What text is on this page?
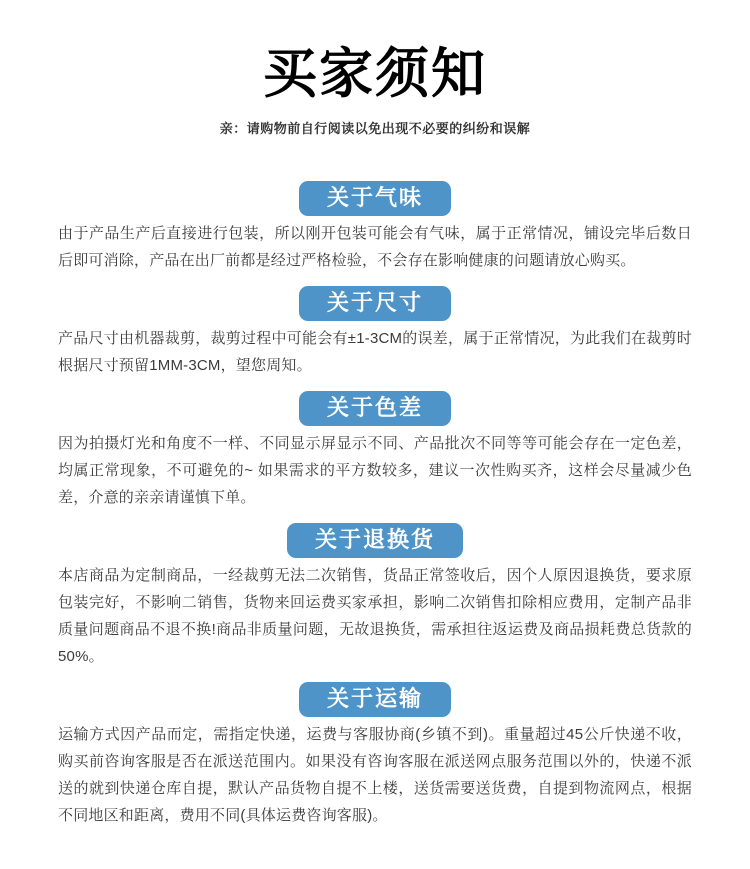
买家须知
亲：请购物前自行阅读以免出现不必要的纠纷和误解
关于气味

由于产品生产后直接进行包装，所以刚开包装可能会有气味，属于正常情况，铺设完毕后数日后即可消除，产品在出厂前都是经过严格检验，不会存在影响健康的问题请放心购买。

关于尺寸

产品尺寸由机器裁剪，裁剪过程中可能会有±1-3CM的误差，属于正常情况，为此我们在裁剪时根据尺寸预留1MM-3CM，望您周知。

关于色差

因为拍摄灯光和角度不一样、不同显示屏显示不同、产品批次不同等等可能会存在一定色差，均属正常现象，不可避免的~ 如果需求的平方数较多，建议一次性购买齐，这样会尽量减少色差，介意的亲亲请谨慎下单。

关于退换货

本店商品为定制商品，一经裁剪无法二次销售，货品正常签收后，因个人原因退换货，要求原包装完好，不影响二销售，货物来回运费买家承担，影响二次销售扣除相应费用，定制产品非质量问题商品不退不换!商品非质量问题，无故退换货，需承担往返运费及商品损耗费总货款的50%。

关于运输

运输方式因产品而定，需指定快递，运费与客服协商(乡镇不到)。重量超过45公斤快递不收，购买前咨询客服是否在派送范围内。如果没有咨询客服在派送网点服务范围以外的，快递不派送的就到快递仓库自提，默认产品货物自提不上楼，送货需要送货费，自提到物流网点，根据不同地区和距离，费用不同(具体运费咨询客服)。
